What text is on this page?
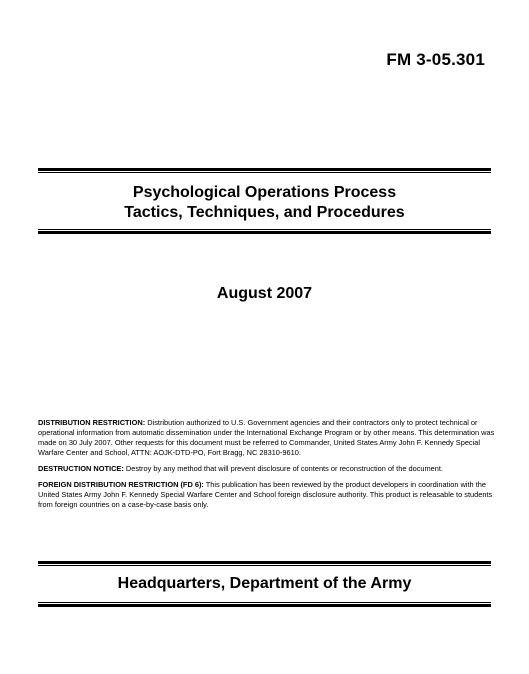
FM 3-05.301
Psychological Operations Process
Tactics, Techniques, and Procedures
August 2007

DISTRIBUTION RESTRICTION: Distribution authorized to U.S. Government agencies and their contractors only to protect technical or operational information from automatic dissemination under the International Exchange Program or by other means. This determination was made on 30 July 2007. Other requests for this document must be referred to Commander, United States Army John F. Kennedy Special Warfare Center and School, ATTN: AOJK-DTD-PO, Fort Bragg, NC 28310-9610.

DESTRUCTION NOTICE: Destroy by any method that will prevent disclosure of contents or reconstruction of the document.

FOREIGN DISTRIBUTION RESTRICTION (FD 6): This publication has been reviewed by the product developers in coordination with the United States Army John F. Kennedy Special Warfare Center and School foreign disclosure authority. This product is releasable to students from foreign countries on a case-by-case basis only.

Headquarters, Department of the Army
